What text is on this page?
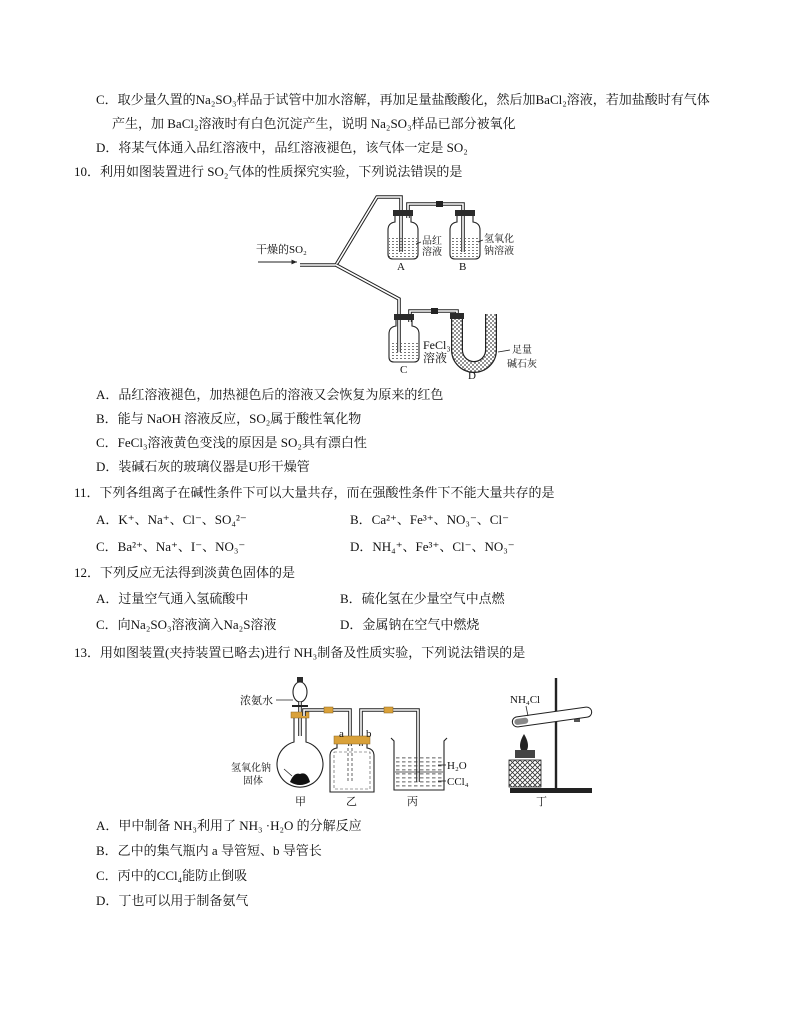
C．取少量久置的Na₂SO₃样品于试管中加水溶解，再加足量盐酸酸化，然后加BaCl₂溶液，若加盐酸时有气体
产生，加 BaCl₂溶液时有白色沉淀产生，说明 Na₂SO₃样品已部分被氧化
D．将某气体通入品红溶液中，品红溶液褪色，该气体一定是 SO₂
10．利用如图装置进行 SO₂气体的性质探究实验，下列说法错误的是
干燥的SO₂
品红
溶液
A
氢氧化
钠溶液
B
FeCl₃
溶液
C	D
足量
碱石灰
A．品红溶液褪色，加热褪色后的溶液又会恢复为原来的红色
B．能与 NaOH 溶液反应，SO₂属于酸性氧化物
C．FeCl₃溶液黄色变浅的原因是 SO₂具有漂白性
D．装碱石灰的玻璃仪器是U形干燥管
11．下列各组离子在碱性条件下可以大量共存，而在强酸性条件下不能大量共存的是
A．K⁺、Na⁺、Cl⁻、SO₄²⁻	B．Ca²⁺、Fe³⁺、NO₃⁻、Cl⁻
C．Ba²⁺、Na⁺、I⁻、NO₃⁻	D．NH₄⁺、Fe³⁺、Cl⁻、NO₃⁻
12．下列反应无法得到淡黄色固体的是
A．过量空气通入氢硫酸中	B．硫化氢在少量空气中点燃
C．向Na₂SO₃溶液滴入Na₂S溶液	D．金属钠在空气中燃烧
13．用如图装置(夹持装置已略去)进行 NH₃制备及性质实验，下列说法错误的是
浓氨水
氢氧化钠
固体
甲
a b
乙
H₂O
CCl₄
丙
NH₄Cl
丁
A．甲中制备 NH₃利用了 NH₃ ·H₂O 的分解反应
B．乙中的集气瓶内 a 导管短、b 导管长
C．丙中的CCl₄能防止倒吸
D．丁也可以用于制备氨气
